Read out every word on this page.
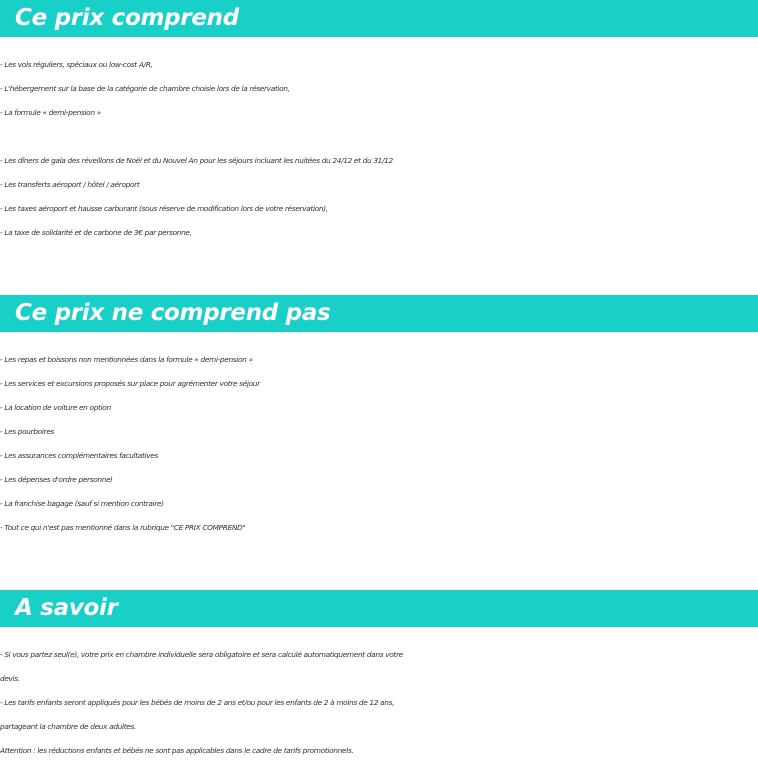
Ce prix comprend
- Les vols réguliers, spéciaux ou low-cost A/R,
- L'hébergement sur la base de la catégorie de chambre choisie lors de la réservation,
- La formule « demi-pension »
- Les dîners de gala des réveillons de Noël et du Nouvel An pour les séjours incluant les nuitées du 24/12 et du 31/12
- Les transferts aéroport / hôtel / aéroport
- Les taxes aéroport et hausse carburant (sous réserve de modification lors de votre réservation),
- La taxe de solidarité et de carbone de 3€ par personne,
Ce prix ne comprend pas
- Les repas et boissons non mentionnées dans la formule « demi-pension »
- Les services et excursions proposés sur place pour agrémenter votre séjour
- La location de voiture en option
- Les pourboires
- Les assurances complémentaires facultatives
- Les dépenses d'ordre personnel
- La franchise bagage (sauf si mention contraire)
- Tout ce qui n'est pas mentionné dans la rubrique "CE PRIX COMPREND"
A savoir
- Si vous partez seul(e), votre prix en chambre individuelle sera obligatoire et sera calculé automatiquement dans votre
devis.
- Les tarifs enfants seront appliqués pour les bébés de moins de 2 ans et/ou pour les enfants de 2 à moins de 12 ans,
partageant la chambre de deux adultes.
Attention : les réductions enfants et bébés ne sont pas applicables dans le cadre de tarifs promotionnels.
